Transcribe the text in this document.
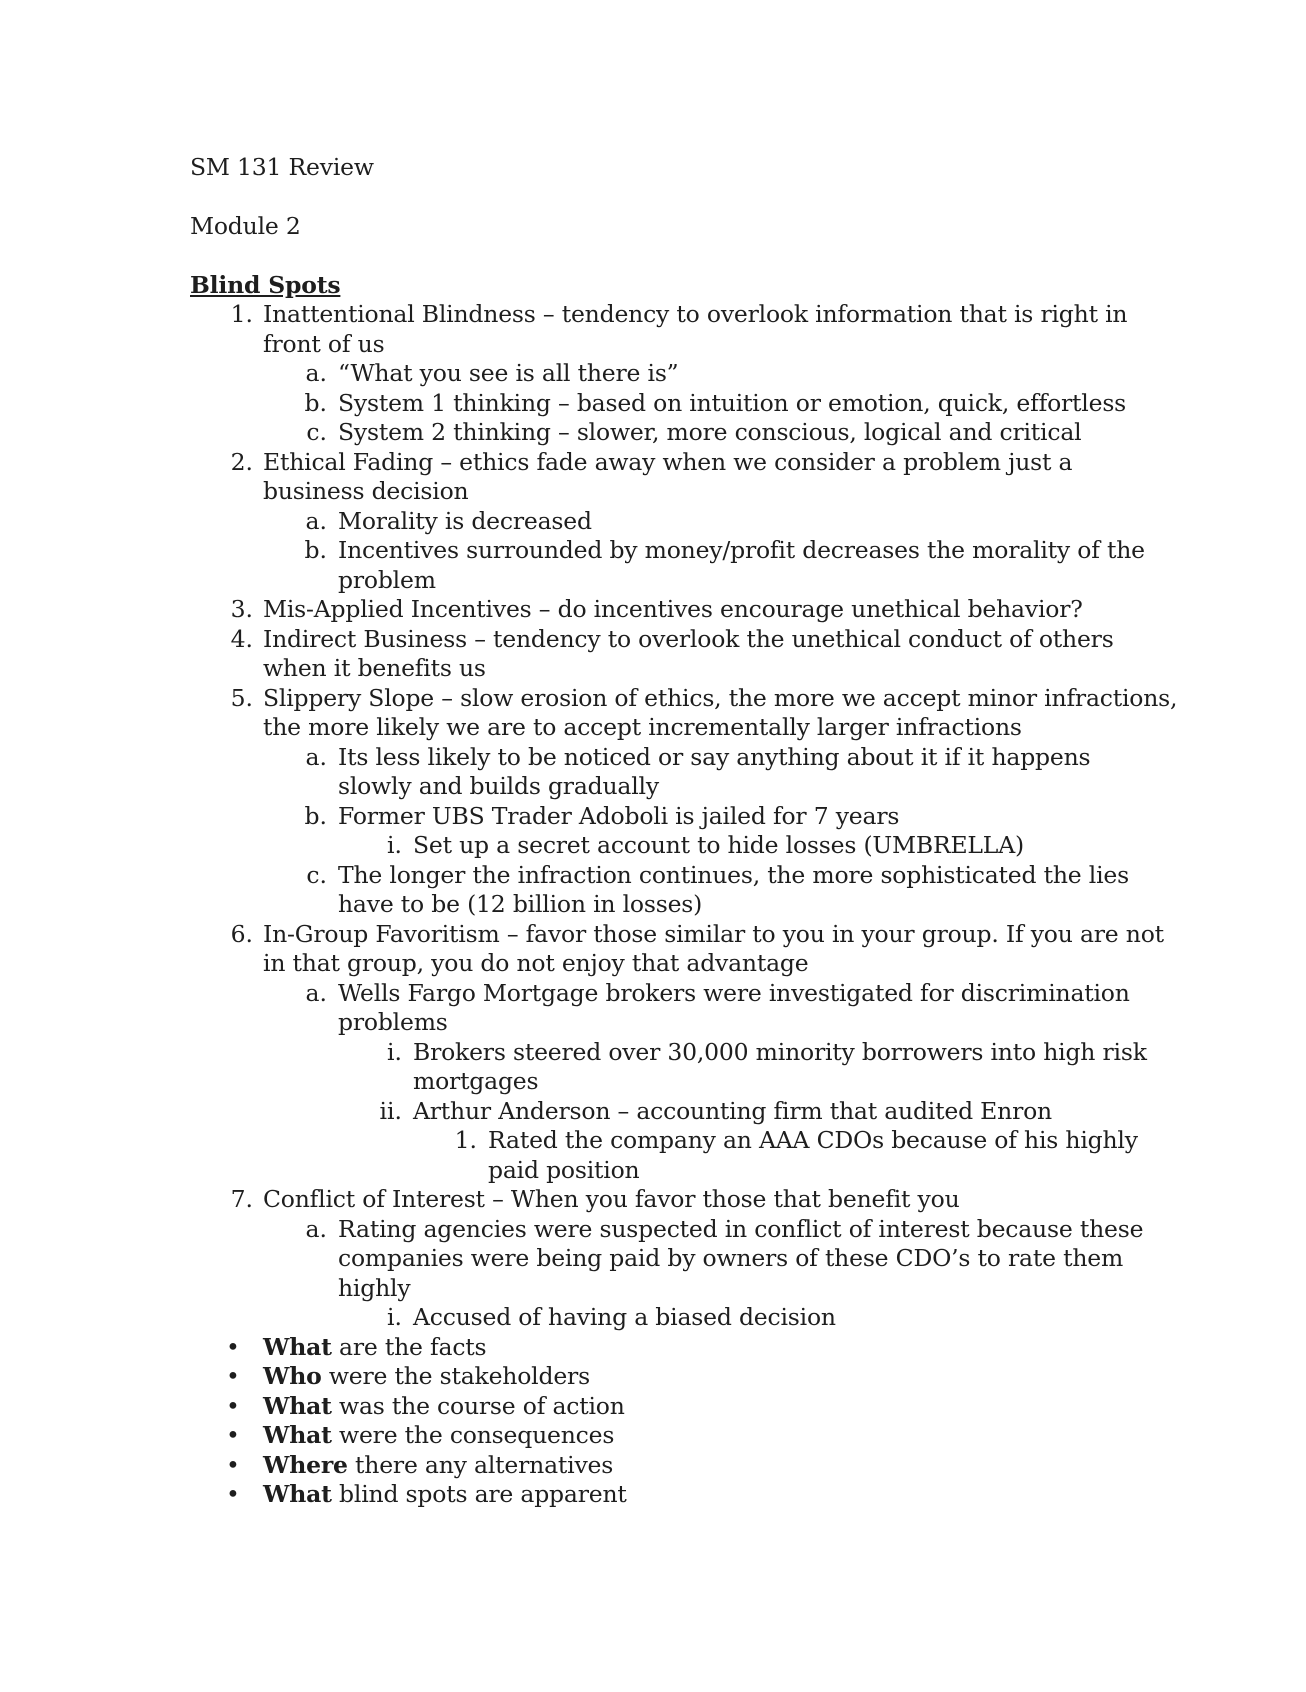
SM 131 Review
Module 2
Blind Spots
1. Inattentional Blindness – tendency to overlook information that is right in
front of us
a. “What you see is all there is”
b. System 1 thinking – based on intuition or emotion, quick, effortless
c. System 2 thinking – slower, more conscious, logical and critical
2. Ethical Fading – ethics fade away when we consider a problem just a
business decision
a. Morality is decreased
b. Incentives surrounded by money/profit decreases the morality of the
problem
3. Mis-Applied Incentives – do incentives encourage unethical behavior?
4. Indirect Business – tendency to overlook the unethical conduct of others
when it benefits us
5. Slippery Slope – slow erosion of ethics, the more we accept minor infractions,
the more likely we are to accept incrementally larger infractions
a. Its less likely to be noticed or say anything about it if it happens
slowly and builds gradually
b. Former UBS Trader Adoboli is jailed for 7 years
i. Set up a secret account to hide losses (UMBRELLA)
c. The longer the infraction continues, the more sophisticated the lies
have to be (12 billion in losses)
6. In-Group Favoritism – favor those similar to you in your group. If you are not
in that group, you do not enjoy that advantage
a. Wells Fargo Mortgage brokers were investigated for discrimination
problems
i. Brokers steered over 30,000 minority borrowers into high risk
mortgages
ii. Arthur Anderson – accounting firm that audited Enron
1. Rated the company an AAA CDOs because of his highly
paid position
7. Conflict of Interest – When you favor those that benefit you
a. Rating agencies were suspected in conflict of interest because these
companies were being paid by owners of these CDO’s to rate them
highly
i. Accused of having a biased decision
• What are the facts
• Who were the stakeholders
• What was the course of action
• What were the consequences
• Where there any alternatives
• What blind spots are apparent
